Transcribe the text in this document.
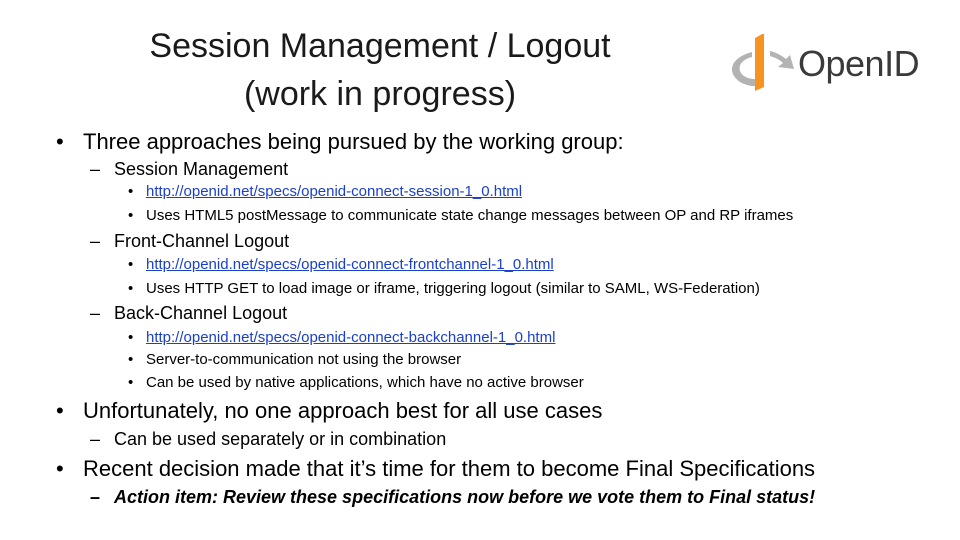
Session Management / Logout
(work in progress)
OpenID
• Three approaches being pursued by the working group:
– Session Management
• http://openid.net/specs/openid-connect-session-1_0.html
• Uses HTML5 postMessage to communicate state change messages between OP and RP iframes
– Front-Channel Logout
• http://openid.net/specs/openid-connect-frontchannel-1_0.html
• Uses HTTP GET to load image or iframe, triggering logout (similar to SAML, WS-Federation)
– Back-Channel Logout
• http://openid.net/specs/openid-connect-backchannel-1_0.html
• Server-to-communication not using the browser
• Can be used by native applications, which have no active browser
• Unfortunately, no one approach best for all use cases
– Can be used separately or in combination
• Recent decision made that it’s time for them to become Final Specifications
– Action item: Review these specifications now before we vote them to Final status!
